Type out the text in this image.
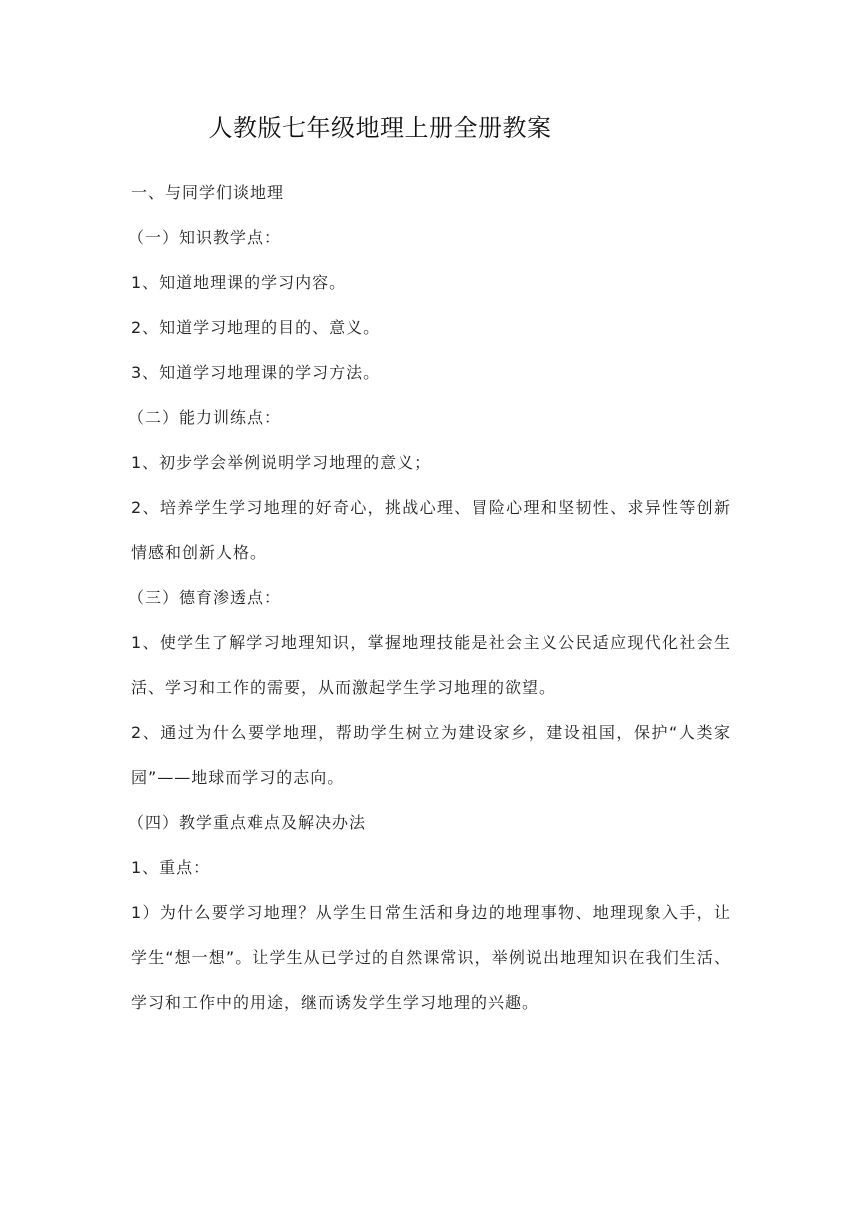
人教版七年级地理上册全册教案

一、与同学们谈地理

（一）知识教学点：

1、知道地理课的学习内容。

2、知道学习地理的目的、意义。

3、知道学习地理课的学习方法。

（二）能力训练点：

1、初步学会举例说明学习地理的意义；

2、培养学生学习地理的好奇心，挑战心理、冒险心理和坚韧性、求异性等创新情感和创新人格。

（三）德育渗透点：

1、使学生了解学习地理知识，掌握地理技能是社会主义公民适应现代化社会生活、学习和工作的需要，从而激起学生学习地理的欲望。

2、通过为什么要学地理，帮助学生树立为建设家乡，建设祖国，保护“人类家园”——地球而学习的志向。

（四）教学重点难点及解决办法

1、重点：

1）为什么要学习地理？从学生日常生活和身边的地理事物、地理现象入手，让学生“想一想”。让学生从已学过的自然课常识，举例说出地理知识在我们生活、学习和工作中的用途，继而诱发学生学习地理的兴趣。
